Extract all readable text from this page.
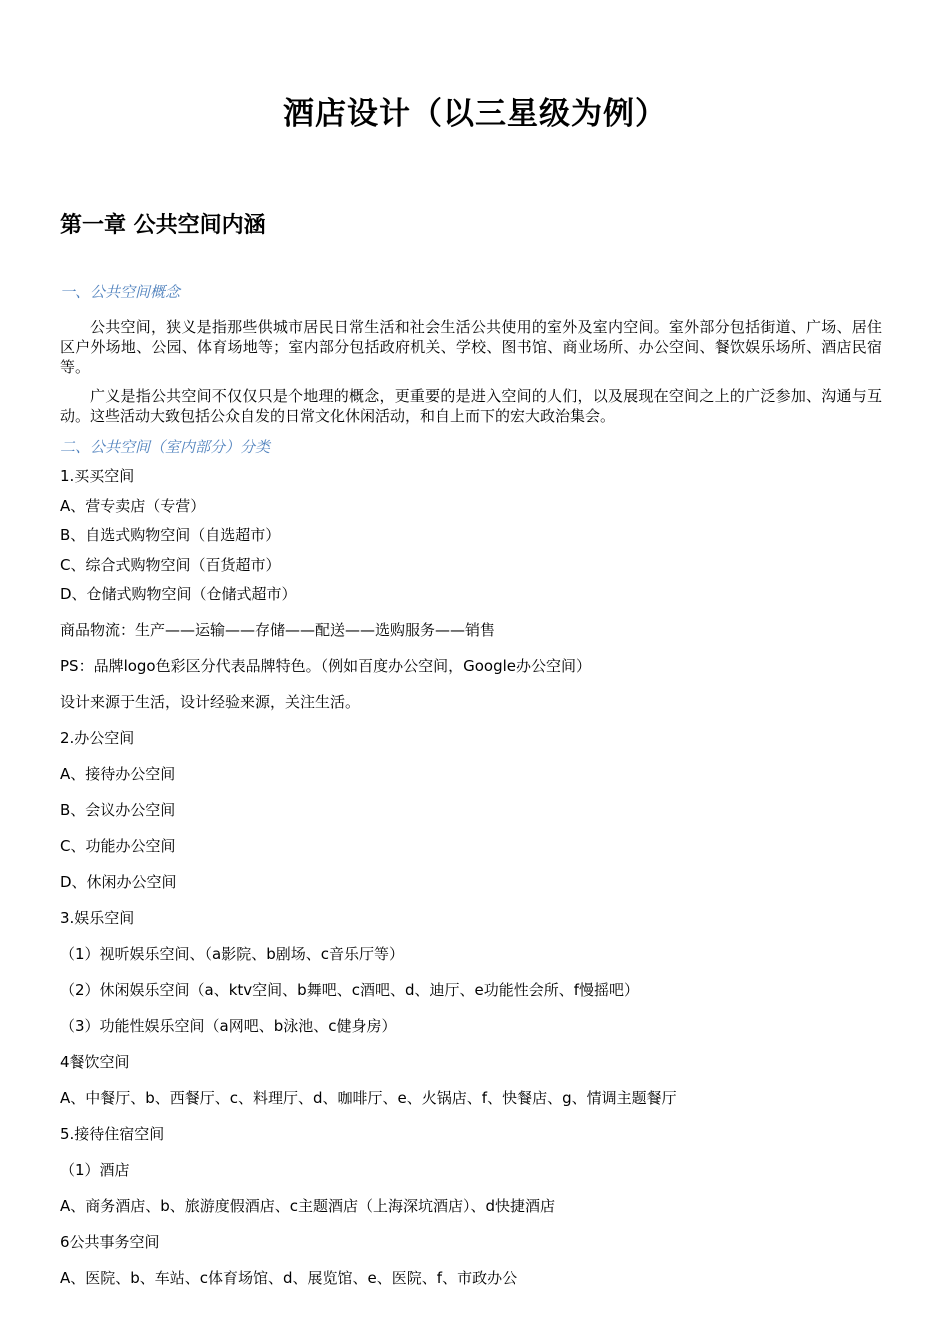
酒店设计（以三星级为例）
第一章 公共空间内涵
一、公共空间概念
公共空间，狭义是指那些供城市居民日常生活和社会生活公共使用的室外及室内空间。室外部分包括街道、广场、居住区户外场地、公园、体育场地等；室内部分包括政府机关、学校、图书馆、商业场所、办公空间、餐饮娱乐场所、酒店民宿等。
广义是指公共空间不仅仅只是个地理的概念，更重要的是进入空间的人们，以及展现在空间之上的广泛参加、沟通与互动。这些活动大致包括公众自发的日常文化休闲活动，和自上而下的宏大政治集会。
二、公共空间（室内部分）分类
1.买买空间
A、营专卖店（专营）
B、自选式购物空间（自选超市）
C、综合式购物空间（百货超市）
D、仓储式购物空间（仓储式超市）
商品物流：生产——运输——存储——配送——选购服务——销售
PS：品牌logo色彩区分代表品牌特色。（例如百度办公空间，Google办公空间）
设计来源于生活，设计经验来源，关注生活。
2.办公空间
A、接待办公空间
B、会议办公空间
C、功能办公空间
D、休闲办公空间
3.娱乐空间
（1）视听娱乐空间、（a影院、b剧场、c音乐厅等）
（2）休闲娱乐空间（a、ktv空间、b舞吧、c酒吧、d、迪厅、e功能性会所、f慢摇吧）
（3）功能性娱乐空间（a网吧、b泳池、c健身房）
4餐饮空间
A、中餐厅、b、西餐厅、c、料理厅、d、咖啡厅、e、火锅店、f、快餐店、g、情调主题餐厅
5.接待住宿空间
（1）酒店
A、商务酒店、b、旅游度假酒店、c主题酒店（上海深坑酒店）、d快捷酒店
6公共事务空间
A、医院、b、车站、c体育场馆、d、展览馆、e、医院、f、市政办公
